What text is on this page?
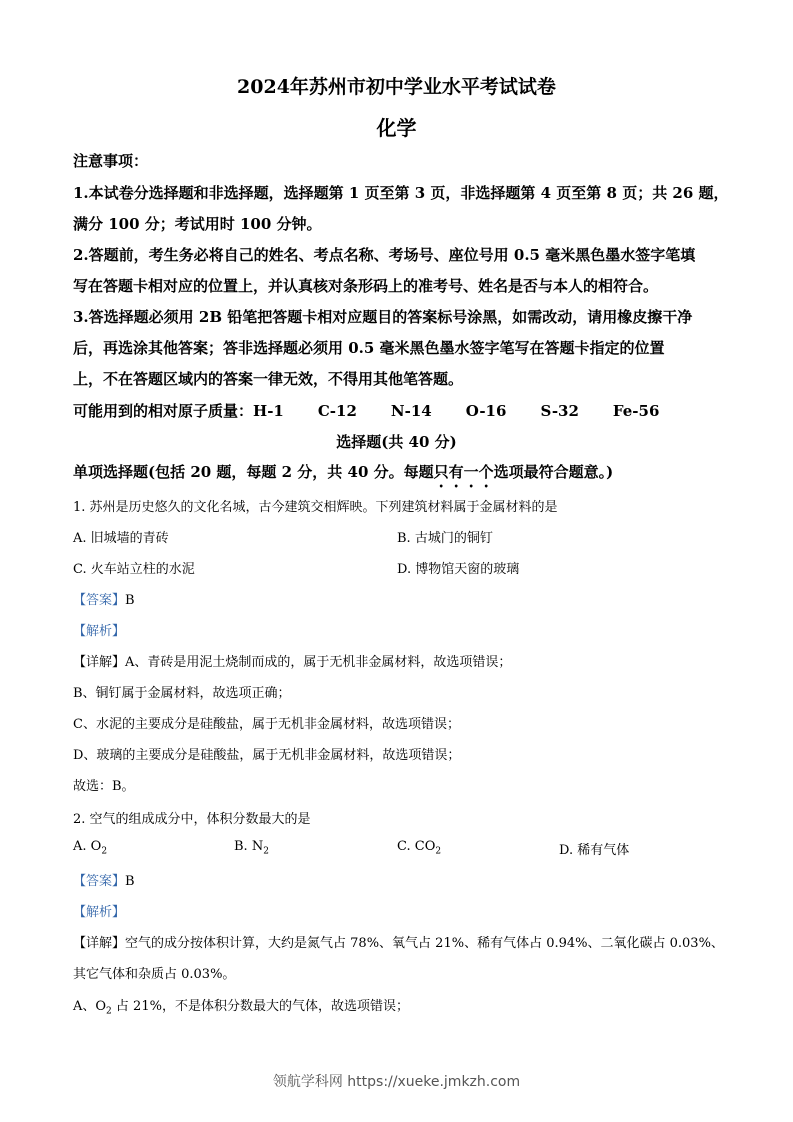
2024年苏州市初中学业水平考试试卷
化学
注意事项：
1.本试卷分选择题和非选择题，选择题第 1 页至第 3 页，非选择题第 4 页至第 8 页；共 26 题，
满分 100 分；考试用时 100 分钟。
2.答题前，考生务必将自己的姓名、考点名称、考场号、座位号用 0.5 毫米黑色墨水签字笔填
写在答题卡相对应的位置上，并认真核对条形码上的准考号、姓名是否与本人的相符合。
3.答选择题必须用 2B 铅笔把答题卡相对应题目的答案标号涂黑，如需改动，请用橡皮擦干净
后，再选涂其他答案；答非选择题必须用 0.5 毫米黑色墨水签字笔写在答题卡指定的位置
上，不在答题区域内的答案一律无效，不得用其他笔答题。
可能用到的相对原子质量：H-1 C-12 N-14 O-16 S-32 Fe-56
选择题(共 40 分)
单项选择题(包括 20 题，每题 2 分，共 40 分。每题只有一个选项最符合题意。)
1. 苏州是历史悠久的文化名城，古今建筑交相辉映。下列建筑材料属于金属材料的是
A. 旧城墙的青砖	B. 古城门的铜钉
C. 火车站立柱的水泥	D. 博物馆天窗的玻璃
【答案】B
【解析】
【详解】A、青砖是用泥土烧制而成的，属于无机非金属材料，故选项错误；
B、铜钉属于金属材料，故选项正确；
C、水泥的主要成分是硅酸盐，属于无机非金属材料，故选项错误；
D、玻璃的主要成分是硅酸盐，属于无机非金属材料，故选项错误；
故选：B。
2. 空气的组成成分中，体积分数最大的是
A. $O_2$	B. $N_2$	C. $CO_2$	D. 稀有气体
【答案】B
【解析】
【详解】空气的成分按体积计算，大约是氮气占 78%、氧气占 21%、稀有气体占 0.94%、二氧化碳占 0.03%、
其它气体和杂质占 0.03%。
A、$O_2$ 占 21%，不是体积分数最大的气体，故选项错误；
领航学科网 https://xueke.jmkzh.com
